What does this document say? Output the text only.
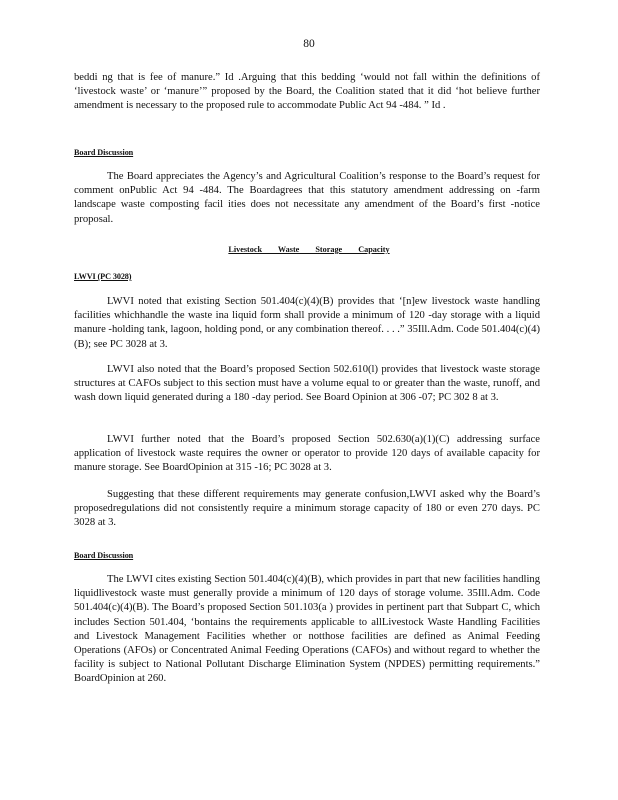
80

beddi ng that is fee of manure.” Id .Arguing that this bedding ‘would not fall within the definitions of ‘livestock waste’ or ‘manure’” proposed by the Board, the Coalition stated that it did ‘hot believe further amendment is necessary to the proposed rule to accommodate Public Act 94 -484. ” Id .

Board Discussion

The Board appreciates the Agency’s and Agricultural Coalition’s response to the Board’s request for comment onPublic Act 94 -484. The Boardagrees that this statutory amendment addressing on -farm landscape waste composting facil ities does not necessitate any amendment of the Board’s first -notice proposal.

Livestock Waste Storage Capacity
LWVI (PC 3028)

LWVI noted that existing Section 501.404(c)(4)(B) provides that ‘[n]ew livestock waste handling facilities whichhandle the waste ina liquid form shall provide a minimum of 120 -day storage with a liquid manure -holding tank, lagoon, holding pond, or any combination thereof. . . .” 35Ill.Adm. Code 501.404(c)(4)(B); see PC 3028 at 3.

LWVI also noted that the Board’s proposed Section 502.610(l) provides that livestock waste storage structures at CAFOs subject to this section must have a volume equal to or greater than the waste, runoff, and wash down liquid generated during a 180 -day period. See Board Opinion at 306 -07; PC 302 8 at 3.

LWVI further noted that the Board’s proposed Section 502.630(a)(1)(C) addressing surface application of livestock waste requires the owner or operator to provide 120 days of available capacity for manure storage. See BoardOpinion at 315 -16; PC 3028 at 3.

Suggesting that these different requirements may generate confusion,LWVI asked why the Board’s proposedregulations did not consistently require a minimum storage capacity of 180 or even 270 days. PC 3028 at 3.

Board Discussion

The LWVI cites existing Section 501.404(c)(4)(B), which provides in part that new facilities handling liquidlivestock waste must generally provide a minimum of 120 days of storage volume. 35Ill.Adm. Code 501.404(c)(4)(B). The Board’s proposed Section 501.103(a ) provides in pertinent part that Subpart C, which includes Section 501.404, ‘bontains the requirements applicable to allLivestock Waste Handling Facilities and Livestock Management Facilities whether or notthose facilities are defined as Animal Feeding Operations (AFOs) or Concentrated Animal Feeding Operations (CAFOs) and without regard to whether the facility is subject to National Pollutant Discharge Elimination System (NPDES) permitting requirements.” BoardOpinion at 260.
